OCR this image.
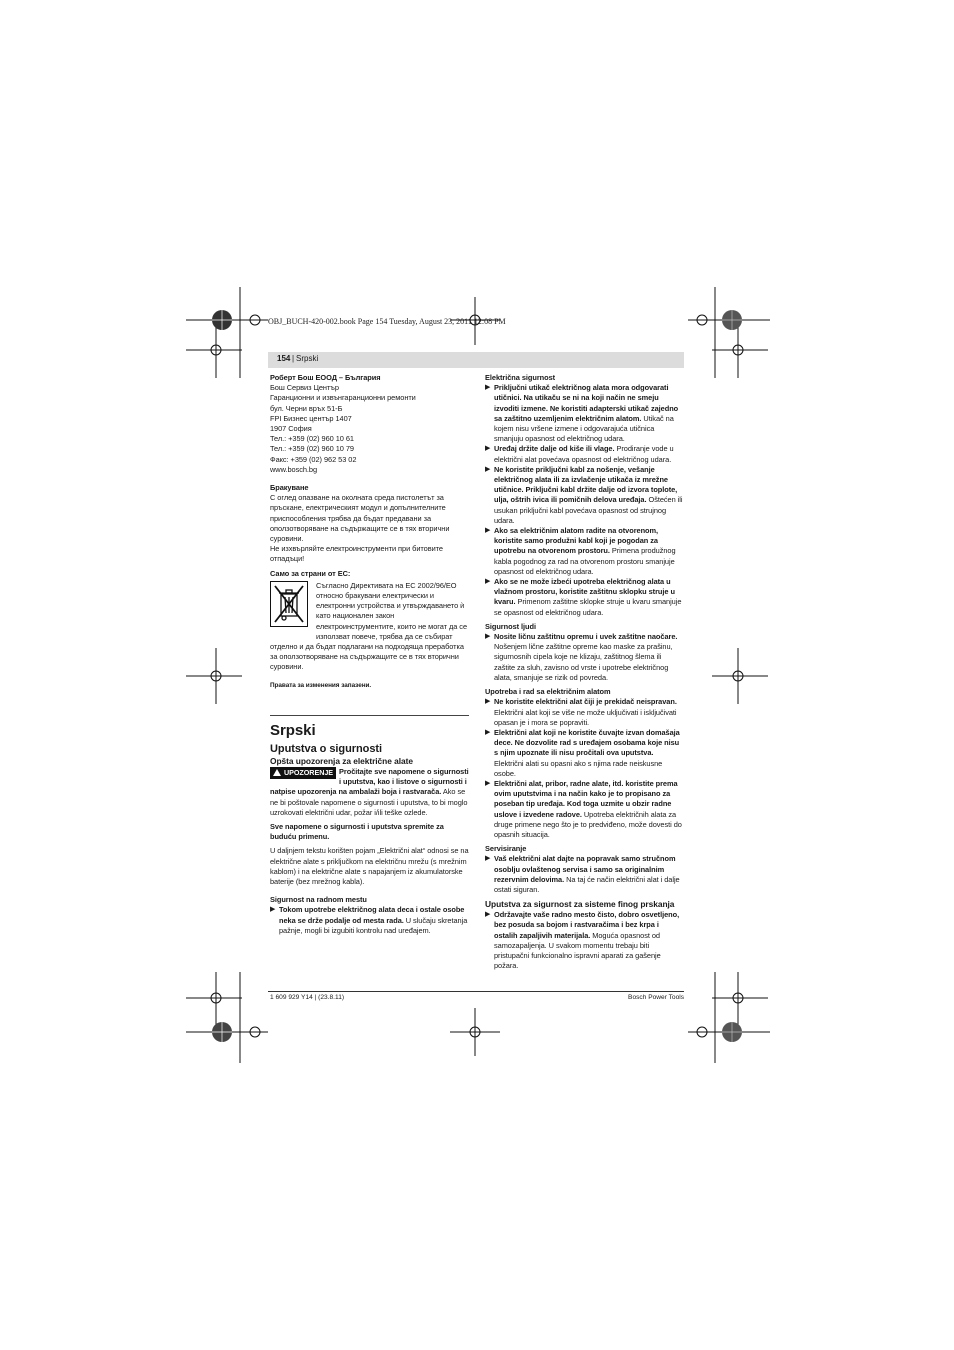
OBJ_BUCH-420-002.book Page 154 Tuesday, August 23, 2011 12:08 PM
154 | Srpski

Роберт Бош ЕООД – България

Бош Сервиз Център

Гаранционни и извънгаранционни ремонти

бул. Черни връх 51-Б

FPI Бизнес център 1407

1907 София

Тел.: +359 (02) 960 10 61

Тел.: +359 (02) 960 10 79

Факс: +359 (02) 962 53 02

www.bosch.bg

Бракуване

С оглед опазване на околната среда пистолетът за пръскане, електрическият модул и допълнителните приспособления трябва да бъдат предавани за оползотворяване на съдържащите се в тях вторични суровини.

Не изхвърляйте електроинструменти при битовите отпадъци!

Само за страни от ЕС:

Съгласно Директивата на ЕС 2002/96/ЕО относно бракувани електрически и електронни устройства и утвърждаването ѝ като национален закон електроинструментите, които не могат да се използват повече, трябва да се събират

отделно и да бъдат подлагани на подходяща преработка за оползотворяване на съдържащите се в тях вторични суровини.

Правата за изменения запазени.

Srpski

Uputstva o sigurnosti

Opšta upozorenja za električne alate

UPOZORENJE Pročitajte sve napomene o sigurnosti i uputstva, kao i listove o sigurnosti i natpise upozorenja na ambalaži boja i rastvarača. Ako se ne bi poštovale napomene o sigurnosti i uputstva, to bi moglo uzrokovati električni udar, požar i/ili teške ozlede.

Sve napomene o sigurnosti i uputstva spremite za buduću primenu.

U daljnjem tekstu korišten pojam „Električni alat“ odnosi se na električne alate s priključkom na električnu mrežu (s mrežnim kablom) i na električne alate s napajanjem iz akumulatorske baterije (bez mrežnog kabla).

Sigurnost na radnom mestu

▶ Tokom upotrebe električnog alata deca i ostale osobe neka se drže podalje od mesta rada. U slučaju skretanja pažnje, mogli bi izgubiti kontrolu nad uređajem.

Električna sigurnost

▶ Priključni utikač električnog alata mora odgovarati utičnici. Na utikaču se ni na koji način ne smeju izvoditi izmene. Ne koristiti adapterski utikač zajedno sa zaštitno uzemljenim električnim alatom. Utikač na kojem nisu vršene izmene i odgovarajuća utičnica smanjuju opasnost od električnog udara.

▶ Uređaj držite dalje od kiše ili vlage. Prodiranje vode u električni alat povećava opasnost od električnog udara.

▶ Ne koristite priključni kabl za nošenje, vešanje električnog alata ili za izvlačenje utikača iz mrežne utičnice. Priključni kabl držite dalje od izvora toplote, ulja, oštrih ivica ili pomičnih delova uređaja. Oštećen ili usukan priključni kabl povećava opasnost od strujnog udara.

▶ Ako sa električnim alatom radite na otvorenom, koristite samo produžni kabl koji je pogodan za upotrebu na otvorenom prostoru. Primena produžnog kabla pogodnog za rad na otvorenom prostoru smanjuje opasnost od električnog udara.

▶ Ako se ne može izbeći upotreba električnog alata u vlažnom prostoru, koristite zaštitnu sklopku struje u kvaru. Primenom zaštitne sklopke struje u kvaru smanjuje se opasnost od električnog udara.

Sigurnost ljudi

▶ Nosite ličnu zaštitnu opremu i uvek zaštitne naočare. Nošenjem lične zaštitne opreme kao maske za prašinu, sigurnosnih cipela koje ne klizaju, zaštitnog šlema ili zaštite za sluh, zavisno od vrste i upotrebe električnog alata, smanjuje se rizik od povreda.

Upotreba i rad sa električnim alatom

▶ Ne koristite električni alat čiji je prekidač neispravan. Električni alat koji se više ne može uključivati i isključivati opasan je i mora se popraviti.

▶ Električni alat koji ne koristite čuvajte izvan domašaja dece. Ne dozvolite rad s uređajem osobama koje nisu s njim upoznate ili nisu pročitali ova uputstva. Električni alati su opasni ako s njima rade neiskusne osobe.

▶ Električni alat, pribor, radne alate, itd. koristite prema ovim uputstvima i na način kako je to propisano za poseban tip uređaja. Kod toga uzmite u obzir radne uslove i izvedene radove. Upotreba električnih alata za druge primene nego što je to predviđeno, može dovesti do opasnih situacija.

Servisiranje

▶ Vaš električni alat dajte na popravak samo stručnom osoblju ovlaštenog servisa i samo sa originalnim rezervnim delovima. Na taj će način električni alat i dalje ostati siguran.

Uputstva za sigurnost za sisteme finog prskanja

▶ Održavajte vaše radno mesto čisto, dobro osvetljeno, bez posuda sa bojom i rastvaračima i bez krpa i ostalih zapaljivih materijala. Moguća opasnost od samozapaljenja. U svakom momentu trebaju biti pristupačni funkcionalno ispravni aparati za gašenje požara.

1 609 929 Y14 | (23.8.11)	Bosch Power Tools
